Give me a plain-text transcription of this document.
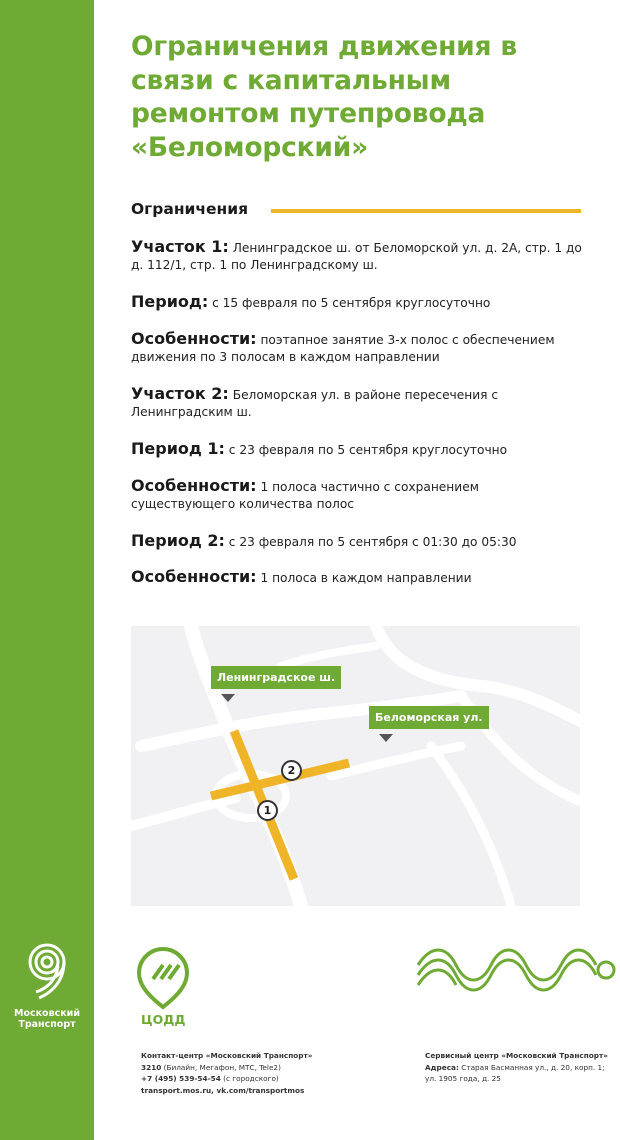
Московский
Транспорт
Ограничения движения в связи с капитальным ремонтом путепровода «Беломорский»
Ограничения
Участок 1: Ленинградское ш. от Беломорской ул. д. 2А, стр. 1 до д. 112/1, стр. 1 по Ленинградскому ш.
Период: с 15 февраля по 5 сентября круглосуточно
Особенности: поэтапное занятие 3-х полос с обеспечением движения по 3 полосам в каждом направлении
Участок 2: Беломорская ул. в районе пересечения с Ленинградским ш.
Период 1: с 23 февраля по 5 сентября круглосуточно
Особенности: 1 полоса частично с сохранением существующего количества полос
Период 2: с 23 февраля по 5 сентября с 01:30 до 05:30
Особенности: 1 полоса в каждом направлении
Ленинградское ш.
Беломорская ул.
2
1
ЦОДД
Контакт-центр «Московский Транспорт»
3210 (Билайн, Мегафон, МТС, Tele2)
+7 (495) 539-54-54 (с городского)
transport.mos.ru, vk.com/transportmos
Сервисный центр «Московский Транспорт»
Адреса: Старая Басманная ул., д. 20, корп. 1;
ул. 1905 года, д. 25
